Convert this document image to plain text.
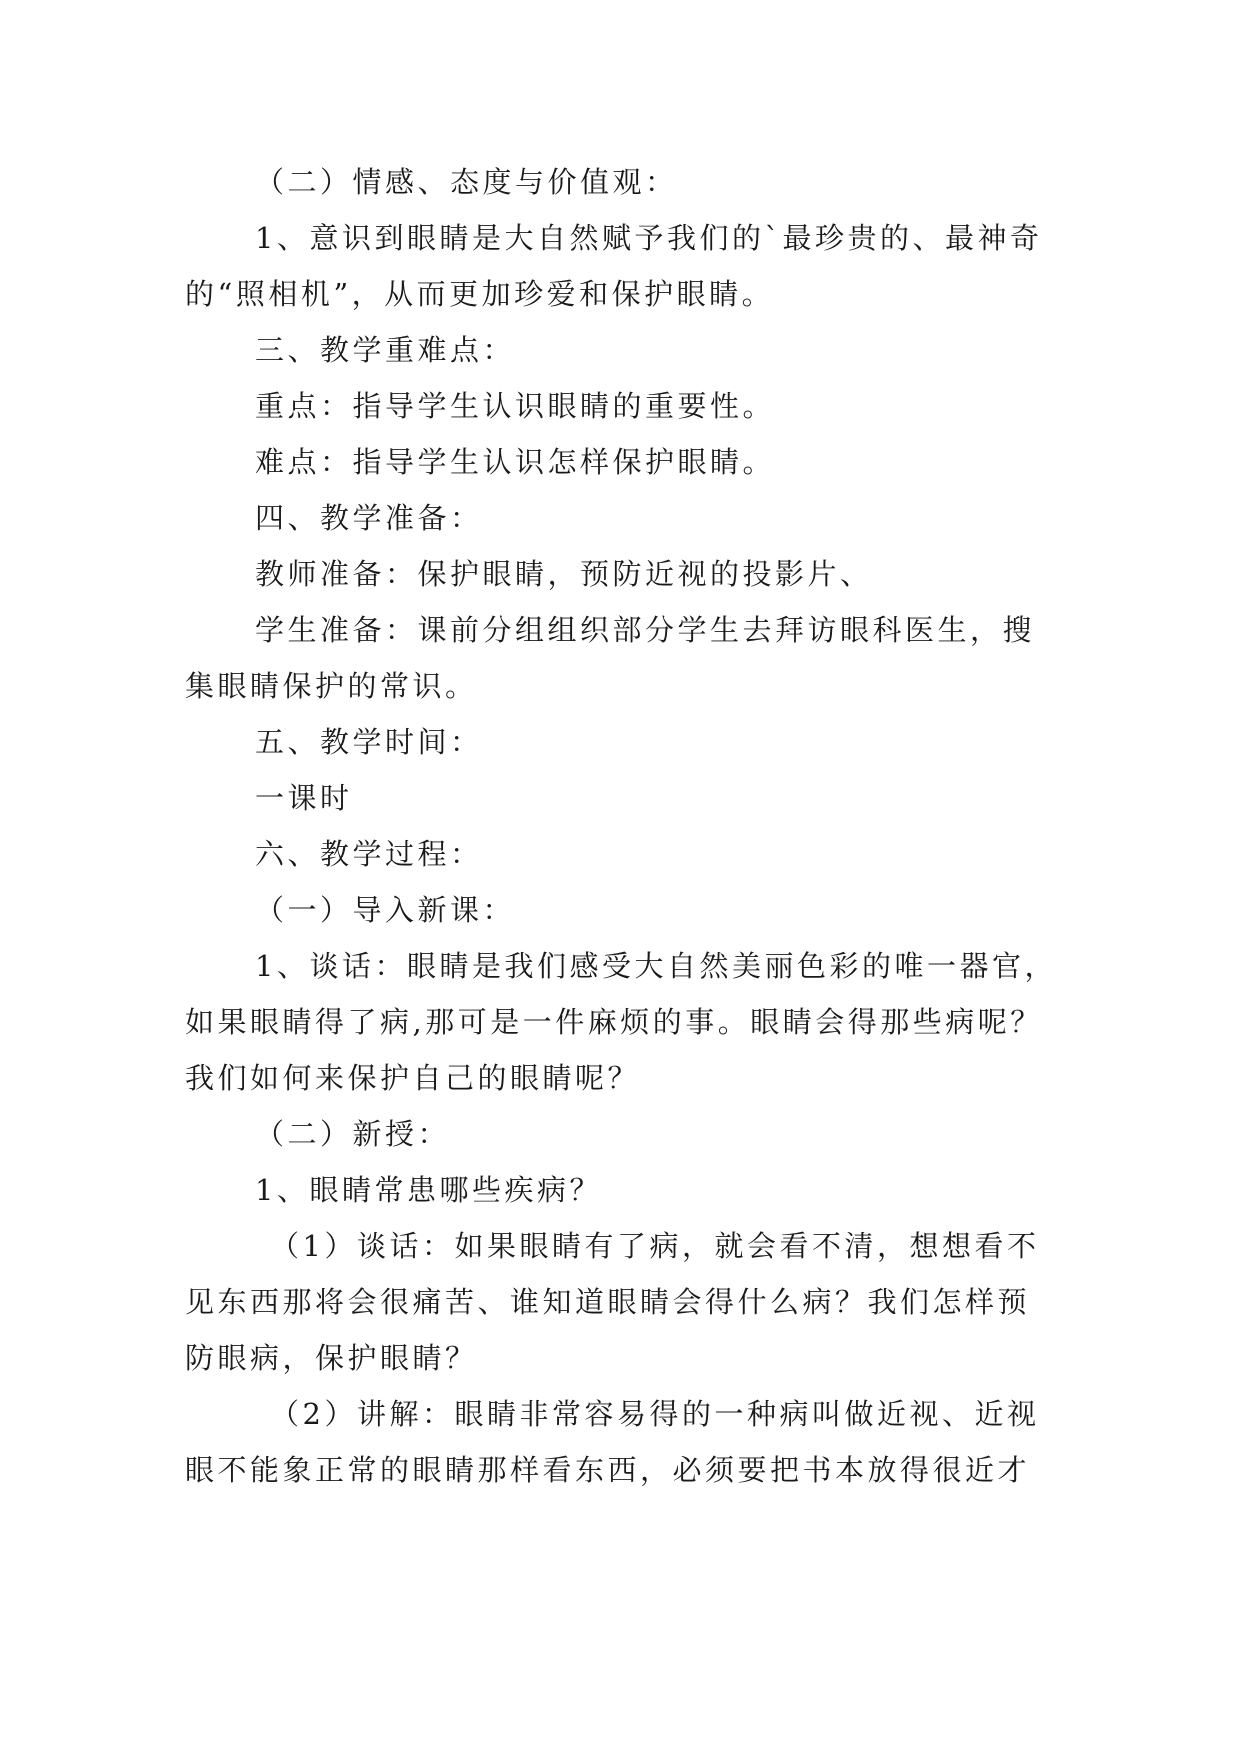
（二）情感、态度与价值观：
1、意识到眼睛是大自然赋予我们的`最珍贵的、最神奇
的“照相机”，从而更加珍爱和保护眼睛。
三、教学重难点：
重点：指导学生认识眼睛的重要性。
难点：指导学生认识怎样保护眼睛。
四、教学准备：
教师准备：保护眼睛，预防近视的投影片、
学生准备：课前分组组织部分学生去拜访眼科医生，搜
集眼睛保护的常识。
五、教学时间：
一课时
六、教学过程：
（一）导入新课：
1、谈话：眼睛是我们感受大自然美丽色彩的唯一器官，
如果眼睛得了病,那可是一件麻烦的事。眼睛会得那些病呢？
我们如何来保护自己的眼睛呢？
（二）新授：
1、眼睛常患哪些疾病？
（1）谈话：如果眼睛有了病，就会看不清，想想看不
见东西那将会很痛苦、谁知道眼睛会得什么病？我们怎样预
防眼病，保护眼睛？
（2）讲解：眼睛非常容易得的一种病叫做近视、近视
眼不能象正常的眼睛那样看东西，必须要把书本放得很近才
